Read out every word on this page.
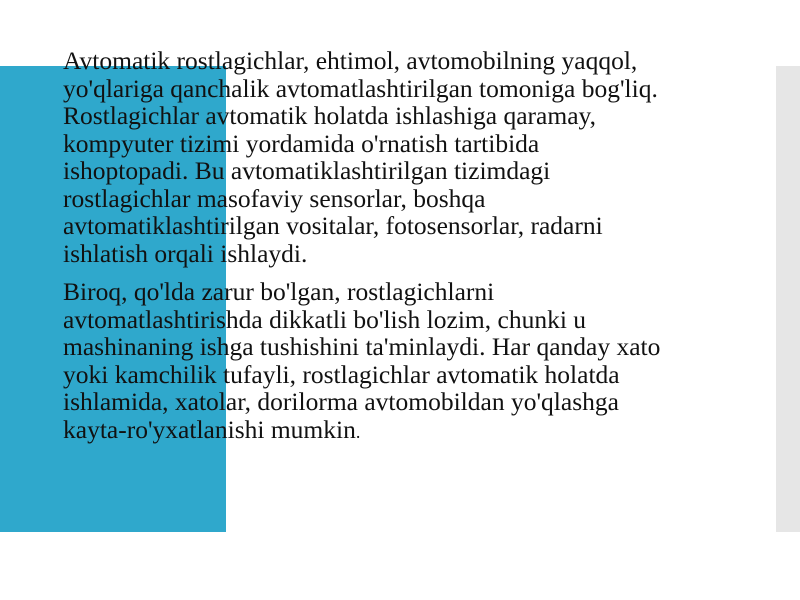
Avtomatik rostlagichlar, ehtimol, avtomobilning yaqqol,
yo'qlariga qanchalik avtomatlashtirilgan tomoniga bog'liq.
Rostlagichlar avtomatik holatda ishlashiga qaramay,
kompyuter tizimi yordamida o'rnatish tartibida
ishoptopadi. Bu avtomatiklashtirilgan tizimdagi
rostlagichlar masofaviy sensorlar, boshqa
avtomatiklashtirilgan vositalar, fotosensorlar, radarni
ishlatish orqali ishlaydi.

Biroq, qo'lda zarur bo'lgan, rostlagichlarni
avtomatlashtirishda dikkatli bo'lish lozim, chunki u
mashinaning ishga tushishini ta'minlaydi. Har qanday xato
yoki kamchilik tufayli, rostlagichlar avtomatik holatda
ishlamida, xatolar, dorilorma avtomobildan yo'qlashga
kayta-ro'yxatlanishi mumkin.
